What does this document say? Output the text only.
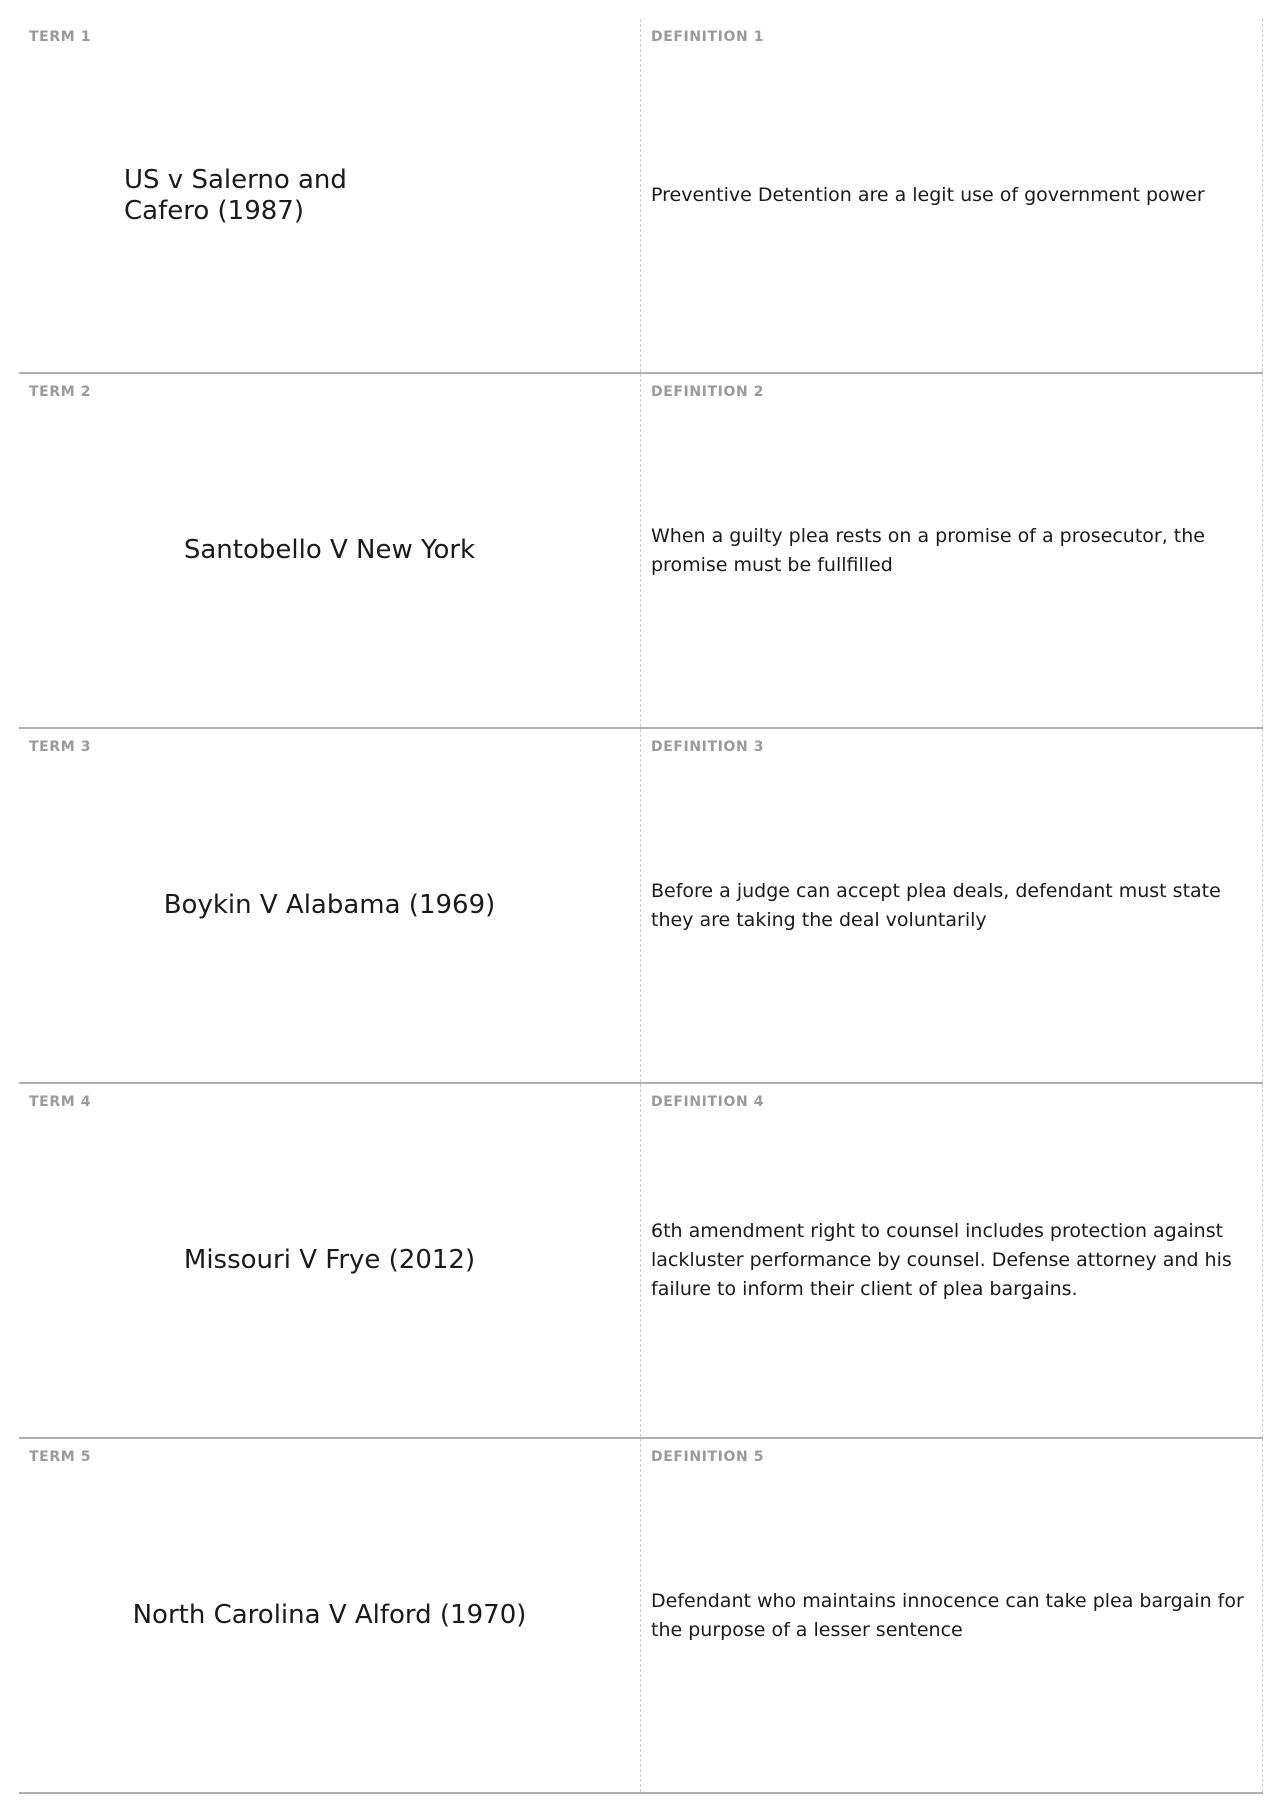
TERM 1
US v Salerno and Cafero (1987)
DEFINITION 1
Preventive Detention are a legit use of government power
TERM 2
Santobello V New York
DEFINITION 2
When a guilty plea rests on a promise of a prosecutor, the promise must be fullfilled
TERM 3
Boykin V Alabama (1969)
DEFINITION 3
Before a judge can accept plea deals, defendant must state they are taking the deal voluntarily
TERM 4
Missouri V Frye (2012)
DEFINITION 4
6th amendment right to counsel includes protection against lackluster performance by counsel. Defense attorney and his failure to inform their client of plea bargains.
TERM 5
North Carolina V Alford (1970)
DEFINITION 5
Defendant who maintains innocence can take plea bargain for the purpose of a lesser sentence
